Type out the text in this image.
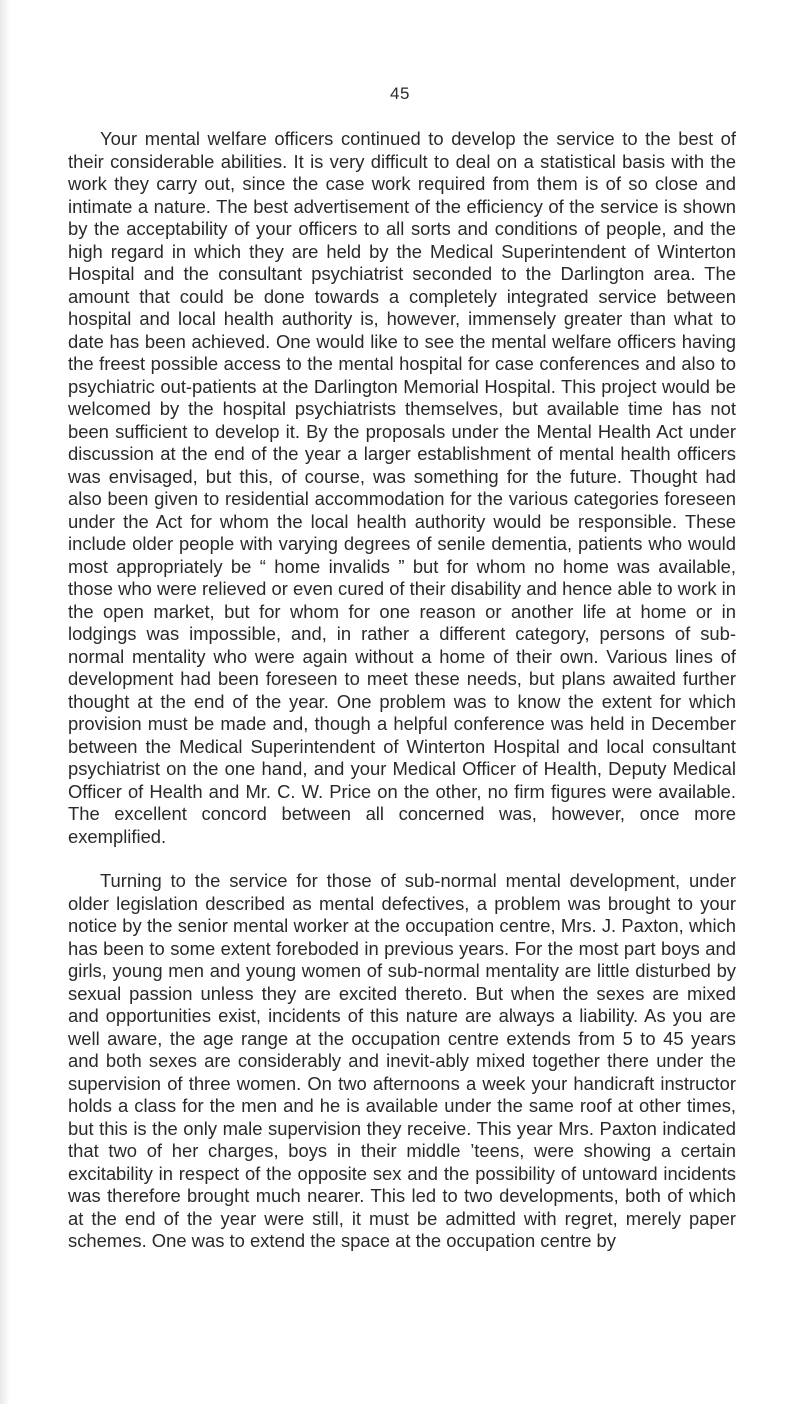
45

Your mental welfare officers continued to develop the service to the best of their considerable abilities. It is very difficult to deal on a statistical basis with the work they carry out, since the case work required from them is of so close and intimate a nature. The best advertisement of the efficiency of the service is shown by the acceptability of your officers to all sorts and conditions of people, and the high regard in which they are held by the Medical Superintendent of Winterton Hospital and the consultant psychiatrist seconded to the Darlington area. The amount that could be done towards a completely integrated service between hospital and local health authority is, however, immensely greater than what to date has been achieved. One would like to see the mental welfare officers having the freest possible access to the mental hospital for case conferences and also to psychiatric out-patients at the Darlington Memorial Hospital. This project would be welcomed by the hospital psychiatrists themselves, but available time has not been sufficient to develop it. By the proposals under the Mental Health Act under discussion at the end of the year a larger establishment of mental health officers was envisaged, but this, of course, was something for the future. Thought had also been given to residential accommodation for the various categories foreseen under the Act for whom the local health authority would be responsible. These include older people with varying degrees of senile dementia, patients who would most appropriately be “ home invalids ” but for whom no home was available, those who were relieved or even cured of their disability and hence able to work in the open market, but for whom for one reason or another life at home or in lodgings was impossible, and, in rather a different category, persons of sub-normal mentality who were again without a home of their own. Various lines of development had been foreseen to meet these needs, but plans awaited further thought at the end of the year. One problem was to know the extent for which provision must be made and, though a helpful conference was held in December between the Medical Superintendent of Winterton Hospital and local consultant psychiatrist on the one hand, and your Medical Officer of Health, Deputy Medical Officer of Health and Mr. C. W. Price on the other, no firm figures were available. The excellent concord between all concerned was, however, once more exemplified.

Turning to the service for those of sub-normal mental development, under older legislation described as mental defectives, a problem was brought to your notice by the senior mental worker at the occupation centre, Mrs. J. Paxton, which has been to some extent foreboded in previous years. For the most part boys and girls, young men and young women of sub-normal mentality are little disturbed by sexual passion unless they are excited thereto. But when the sexes are mixed and opportunities exist, incidents of this nature are always a liability. As you are well aware, the age range at the occupation centre extends from 5 to 45 years and both sexes are considerably and inevit-ably mixed together there under the supervision of three women. On two afternoons a week your handicraft instructor holds a class for the men and he is available under the same roof at other times, but this is the only male supervision they receive. This year Mrs. Paxton indicated that two of her charges, boys in their middle ’teens, were showing a certain excitability in respect of the opposite sex and the possibility of untoward incidents was therefore brought much nearer. This led to two developments, both of which at the end of the year were still, it must be admitted with regret, merely paper schemes. One was to extend the space at the occupation centre by
